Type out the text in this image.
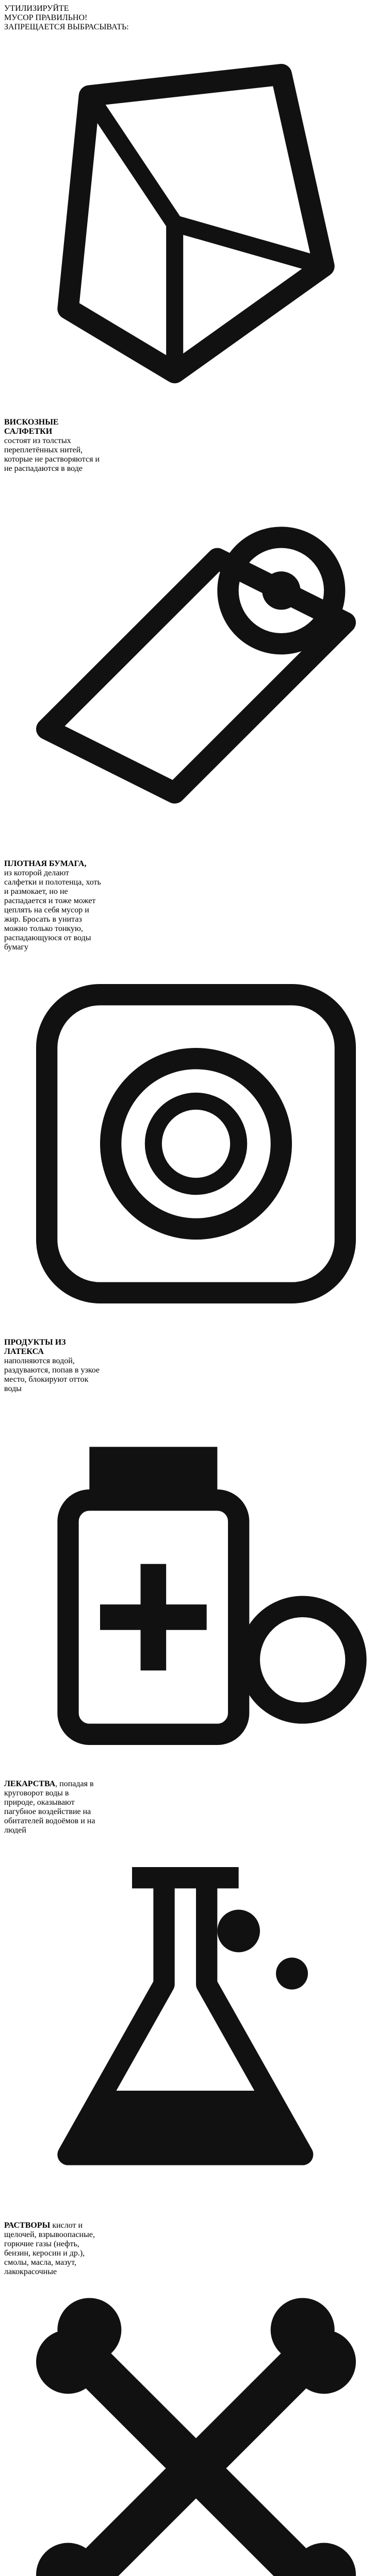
УТИЛИЗИРУЙТЕ
МУСОР ПРАВИЛЬНО!
ЗАПРЕЩАЕТСЯ ВЫБРАСЫВАТЬ:
ВИСКОЗНЫЕ САЛФЕТКИ
состоят из толстых переплетённых нитей, которые не растворяются и не распадаются в воде
ПЛОТНАЯ БУМАГА,
из которой делают салфетки и полотенца, хоть и размокает, но не распадается и тоже может цеплять на себя мусор и жир. Бросать в унитаз можно только тонкую, распадающуюся от воды бумагу
ПРОДУКТЫ ИЗ ЛАТЕКСА
наполняются водой, раздуваются, попав в узкое место, блокируют отток воды
ЛЕКАРСТВА, попадая в круговорот воды в природе, оказывают пагубное воздействие на обитателей водоёмов и на людей
РАСТВОРЫ кислот и щелочей, взрывоопасные, горючие газы (нефть, бензин, керосин и др.), смолы, масла, мазут, лакокрасочные
